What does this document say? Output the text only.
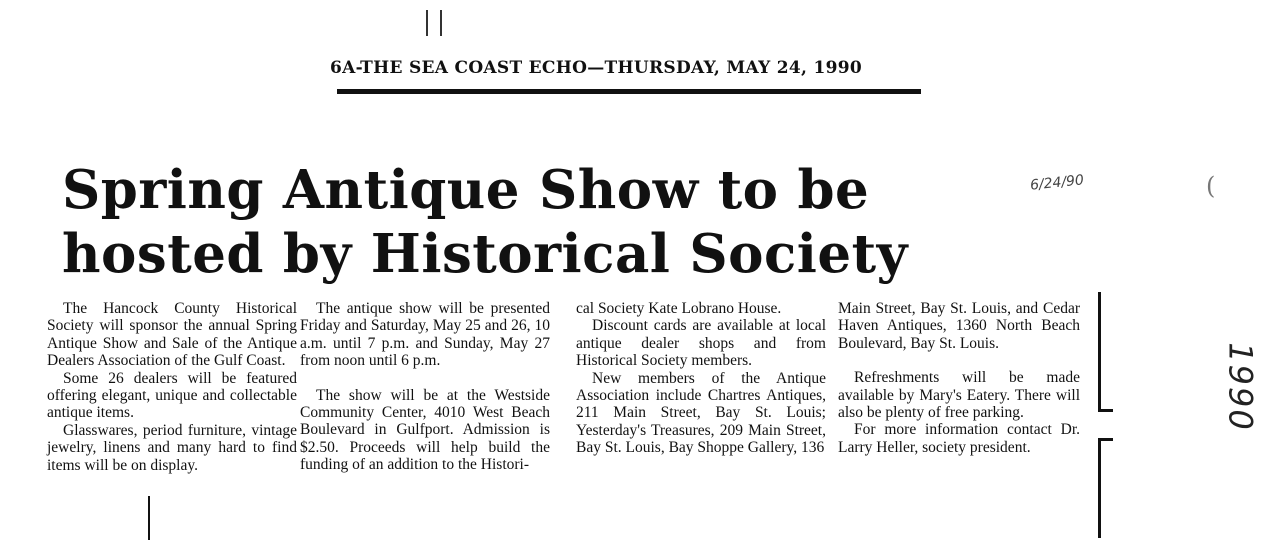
6A-THE SEA COAST ECHO—THURSDAY, MAY 24, 1990
Spring Antique Show to be
hosted by Historical Society
6/24/90	(
1990

The Hancock County Historical Society will sponsor the annual Spring Antique Show and Sale of the Antique Dealers Association of the Gulf Coast.

Some 26 dealers will be featured offering elegant, unique and collectable antique items.

Glasswares, period furniture, vintage jewelry, linens and many hard to find items will be on display.

The antique show will be presented Friday and Saturday, May 25 and 26, 10 a.m. until 7 p.m. and Sunday, May 27 from noon until 6 p.m.

The show will be at the Westside Community Center, 4010 West Beach Boulevard in Gulfport. Admission is $2.50. Proceeds will help build the funding of an addition to the Histori-

cal Society Kate Lobrano House.

Discount cards are available at local antique dealer shops and from Historical Society members.

New members of the Antique Association include Chartres Antiques, 211 Main Street, Bay St. Louis; Yesterday's Treasures, 209 Main Street, Bay St. Louis, Bay Shoppe Gallery, 136

Main Street, Bay St. Louis, and Cedar Haven Antiques, 1360 North Beach Boulevard, Bay St. Louis.

Refreshments will be made available by Mary's Eatery. There will also be plenty of free parking.

For more information contact Dr. Larry Heller, society president.
